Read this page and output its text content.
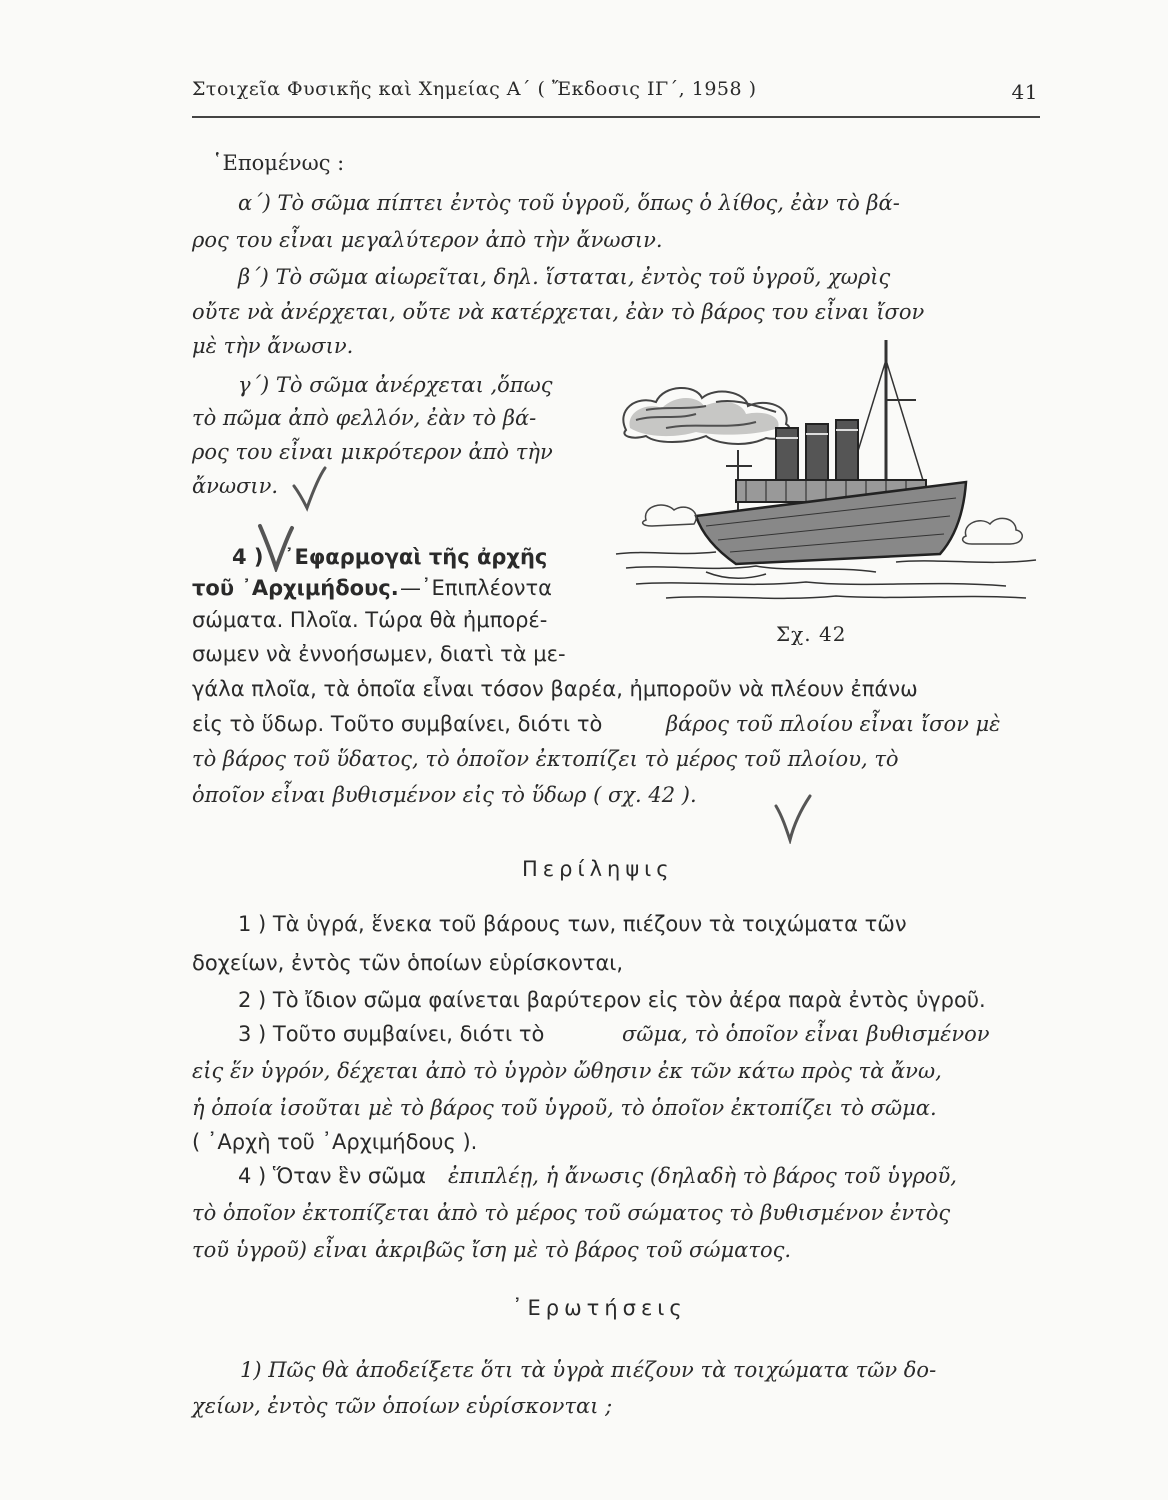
Στοιχεῖα Φυσικῆς καὶ Χημείας Α΄ ( Ἔκδοσις ΙΓ΄, 1958 )	41
῾Επομένως :
α΄) Τὸ σῶμα πίπτει ἐντὸς τοῦ ὑγροῦ, ὅπως ὁ λίθος, ἐὰν τὸ βά-
ρος του εἶναι μεγαλύτερον ἀπὸ τὴν ἄνωσιν.
β΄) Τὸ σῶμα αἰωρεῖται, δηλ. ἵσταται, ἐντὸς τοῦ ὑγροῦ, χωρὶς
οὔτε νὰ ἀνέρχεται, οὔτε νὰ κατέρχεται, ἐὰν τὸ βάρος του εἶναι ἴσον
μὲ τὴν ἄνωσιν.
γ΄) Τὸ σῶμα ἀνέρχεται ,ὅπως
τὸ πῶμα ἀπὸ φελλόν, ἐὰν τὸ βά-
ρος του εἶναι μικρότερον ἀπὸ τὴν
ἄνωσιν.
4 ) ᾿Εφαρμογαὶ τῆς ἀρχῆς
τοῦ ᾿Αρχιμήδους. —᾿Επιπλέοντα
σώματα. Πλοῖα. Τώρα θὰ ἠμπορέ-
σωμεν νὰ ἐννοήσωμεν, διατὶ τὰ με-
γάλα πλοῖα, τὰ ὁποῖα εἶναι τόσον βαρέα, ἠμποροῦν νὰ πλέουν ἐπάνω
εἰς τὸ ὕδωρ. Τοῦτο συμβαίνει, διότι τὸ	βάρος τοῦ πλοίου εἶναι ἴσον μὲ
τὸ βάρος τοῦ ὕδατος, τὸ ὁποῖον ἐκτοπίζει τὸ μέρος τοῦ πλοίου, τὸ
ὁποῖον εἶναι βυθισμένον εἰς τὸ ὕδωρ ( σχ. 42 ).
Σχ. 42
Περίληψις
1 ) Τὰ ὑγρά, ἕνεκα τοῦ βάρους των, πιέζουν τὰ τοιχώματα τῶν
δοχείων, ἐντὸς τῶν ὁποίων εὑρίσκονται,
2 ) Τὸ ἴδιον σῶμα φαίνεται βαρύτερον εἰς τὸν ἀέρα παρὰ ἐντὸς ὑγροῦ.
3 ) Τοῦτο συμβαίνει, διότι τὸ	σῶμα, τὸ ὁποῖον εἶναι βυθισμένον
εἰς ἕν ὑγρόν, δέχεται ἀπὸ τὸ ὑγρὸν ὤθησιν ἐκ τῶν κάτω πρὸς τὰ ἄνω,
ἡ ὁποία ἰσοῦται μὲ τὸ βάρος τοῦ ὑγροῦ, τὸ ὁποῖον ἐκτοπίζει τὸ σῶμα.
( ᾿Αρχὴ τοῦ ᾿Αρχιμήδους ).
4 ) Ὅταν ἓν σῶμα ἐπιπλέῃ, ἡ ἄνωσις (δηλαδὴ τὸ βάρος τοῦ ὑγροῦ,
τὸ ὁποῖον ἐκτοπίζεται ἀπὸ τὸ μέρος τοῦ σώματος τὸ βυθισμένον ἐντὸς
τοῦ ὑγροῦ) εἶναι ἀκριβῶς ἴση μὲ τὸ βάρος τοῦ σώματος.
᾿Ερωτήσεις
1) Πῶς θὰ ἀποδείξετε ὅτι τὰ ὑγρὰ πιέζουν τὰ τοιχώματα τῶν δο-
χείων, ἐντὸς τῶν ὁποίων εὑρίσκονται ;
